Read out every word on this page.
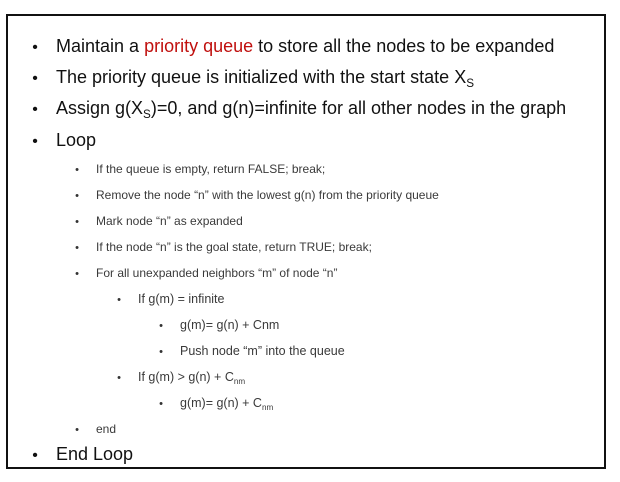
•	Maintain a priority queue to store all the nodes to be expanded
•	The priority queue is initialized with the start state $X_S$
•	Assign $g(X_S)=0$, and g(n)=infinite for all other nodes in the graph
•	Loop
• If the queue is empty, return FALSE; break;
• Remove the node “n” with the lowest g(n) from the priority queue
• Mark node “n” as expanded
• If the node “n” is the goal state, return TRUE; break;
• For all unexpanded neighbors “m” of node “n”
• If g(m) = infinite
• g(m)= g(n) + Cnm
• Push node “m” into the queue
• If $g(m) > g(n) + C_{nm}$
• $g(m)= g(n) + C_{nm}$
• end
•	End Loop
